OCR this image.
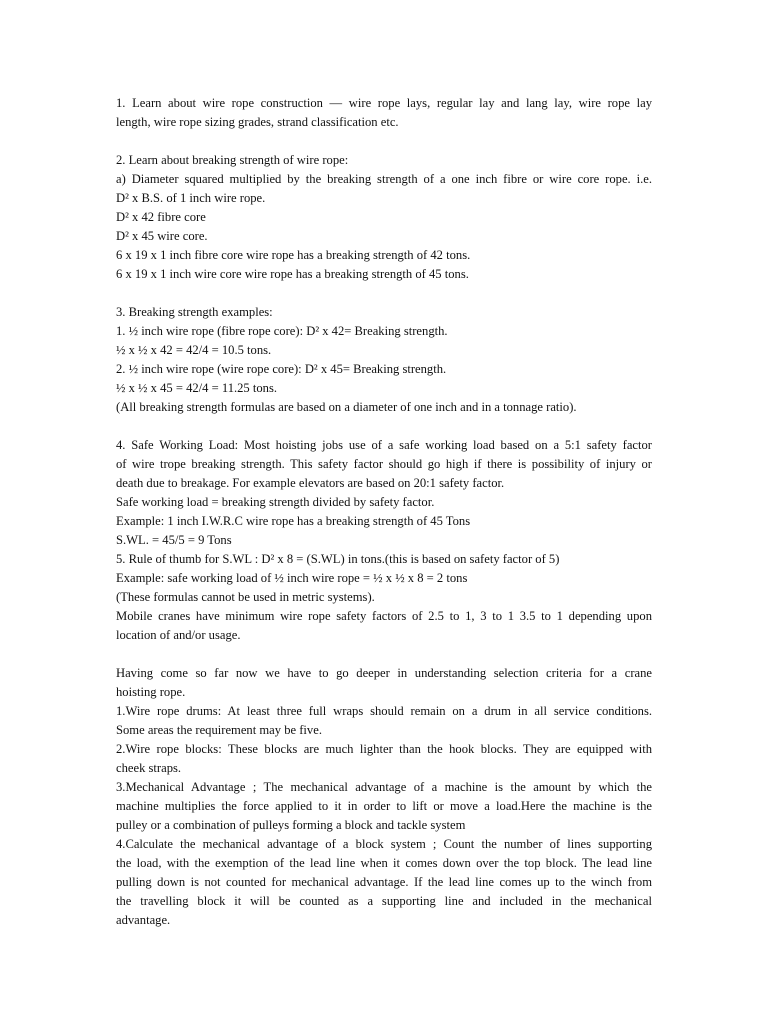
1. Learn about wire rope construction — wire rope lays, regular lay and lang lay, wire rope lay
length, wire rope sizing grades, strand classification etc.
2. Learn about breaking strength of wire rope:
a) Diameter squared multiplied by the breaking strength of a one inch fibre or wire core rope. i.e.
D² x B.S. of 1 inch wire rope.
D² x 42 fibre core
D² x 45 wire core.
6 x 19 x 1 inch fibre core wire rope has a breaking strength of 42 tons.
6 x 19 x 1 inch wire core wire rope has a breaking strength of 45 tons.
3. Breaking strength examples:
1. ½ inch wire rope (fibre rope core): D² x 42= Breaking strength.
½ x ½ x 42 = 42/4 = 10.5 tons.
2. ½ inch wire rope (wire rope core): D² x 45= Breaking strength.
½ x ½ x 45 = 42/4 = 11.25 tons.
(All breaking strength formulas are based on a diameter of one inch and in a tonnage ratio).
4. Safe Working Load: Most hoisting jobs use of a safe working load based on a 5:1 safety factor
of wire trope breaking strength. This safety factor should go high if there is possibility of injury or
death due to breakage. For example elevators are based on 20:1 safety factor.
Safe working load = breaking strength divided by safety factor.
Example: 1 inch I.W.R.C wire rope has a breaking strength of 45 Tons
S.WL. = 45/5 = 9 Tons
5. Rule of thumb for S.WL : D² x 8 = (S.WL) in tons.(this is based on safety factor of 5)
Example: safe working load of ½ inch wire rope = ½ x ½ x 8 = 2 tons
(These formulas cannot be used in metric systems).
Mobile cranes have minimum wire rope safety factors of 2.5 to 1, 3 to 1 3.5 to 1 depending upon
location of and/or usage.
Having come so far now we have to go deeper in understanding selection criteria for a crane
hoisting rope.
1.Wire rope drums: At least three full wraps should remain on a drum in all service conditions.
Some areas the requirement may be five.
2.Wire rope blocks: These blocks are much lighter than the hook blocks. They are equipped with
cheek straps.
3.Mechanical Advantage ; The mechanical advantage of a machine is the amount by which the
machine multiplies the force applied to it in order to lift or move a load.Here the machine is the
pulley or a combination of pulleys forming a block and tackle system
4.Calculate the mechanical advantage of a block system ; Count the number of lines supporting
the load, with the exemption of the lead line when it comes down over the top block. The lead line
pulling down is not counted for mechanical advantage. If the lead line comes up to the winch from
the travelling block it will be counted as a supporting line and included in the mechanical
advantage.
